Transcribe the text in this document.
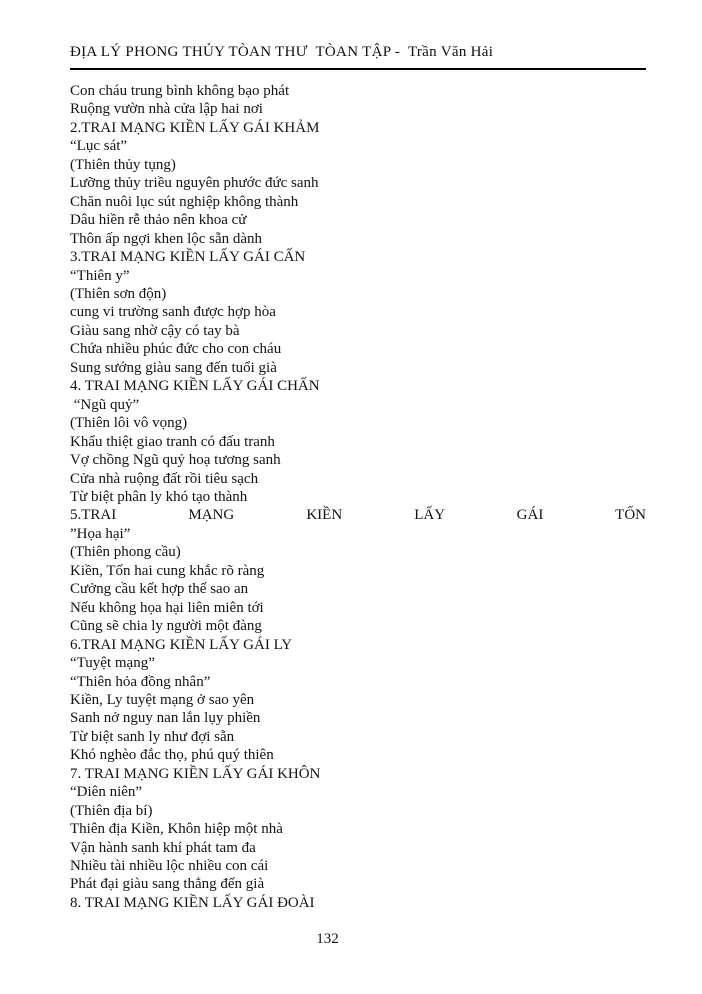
ĐỊA LÝ PHONG THỦY TÒAN THƯ  TÒAN TẬP -  Trần Văn Hải
Con cháu trung bình không bạo phát
Ruộng vườn nhà cửa lập hai nơi
2.TRAI MẠNG KIỀN LẤY GÁI KHẢM
“Lục sát”
(Thiên thủy tụng)
Lưỡng thủy triều nguyên phước đức sanh
Chăn nuôi lục sút nghiệp không thành
Dâu hiền rễ thảo nên khoa cử
Thôn ấp ngợi khen lộc sẵn dành
3.TRAI MẠNG KIỀN LẤY GÁI CẤN
“Thiên y”
(Thiên sơn độn)
cung vi trường sanh được hợp hòa
Giàu sang nhờ cậy có tay bà
Chứa nhiều phúc đức cho con cháu
Sung sướng giàu sang đến tuổi già
4. TRAI MẠNG KIỀN LẤY GÁI CHẤN
“Ngũ quỷ”
(Thiên lôi vô vọng)
Khẩu thiệt giao tranh có đấu tranh
Vợ chồng Ngũ quỷ hoạ tương sanh
Cửa nhà ruộng đất rồi tiêu sạch
Từ biệt phân ly khó tạo thành
5.TRAI MẠNG KIỀN LẤY GÁI TỐN
”Họa hại”
(Thiên phong cầu)
Kiền, Tốn hai cung khắc rõ ràng
Cưởng cầu kết hợp thế sao an
Nếu không họa hại liên miên tới
Cũng sẽ chia ly người một đàng
6.TRAI MẠNG KIỀN LẤY GÁI LY
“Tuyệt mạng”
“Thiên hỏa đồng nhân”
Kiền, Ly tuyệt mạng ở sao yên
Sanh nở nguy nan lắn lụy phiền
Từ biệt sanh ly như đợi sẵn
Khó nghèo đắc thọ, phú quý thiên
7. TRAI MẠNG KIỀN LẤY GÁI KHÔN
“Diên niên”
(Thiên địa bí)
Thiên địa Kiền, Khôn hiệp một nhà
Vận hành sanh khí phát tam đa
Nhiều tài nhiều lộc nhiều con cái
Phát đại giàu sang thẳng đến già
8. TRAI MẠNG KIỀN LẤY GÁI ĐOÀI
132
